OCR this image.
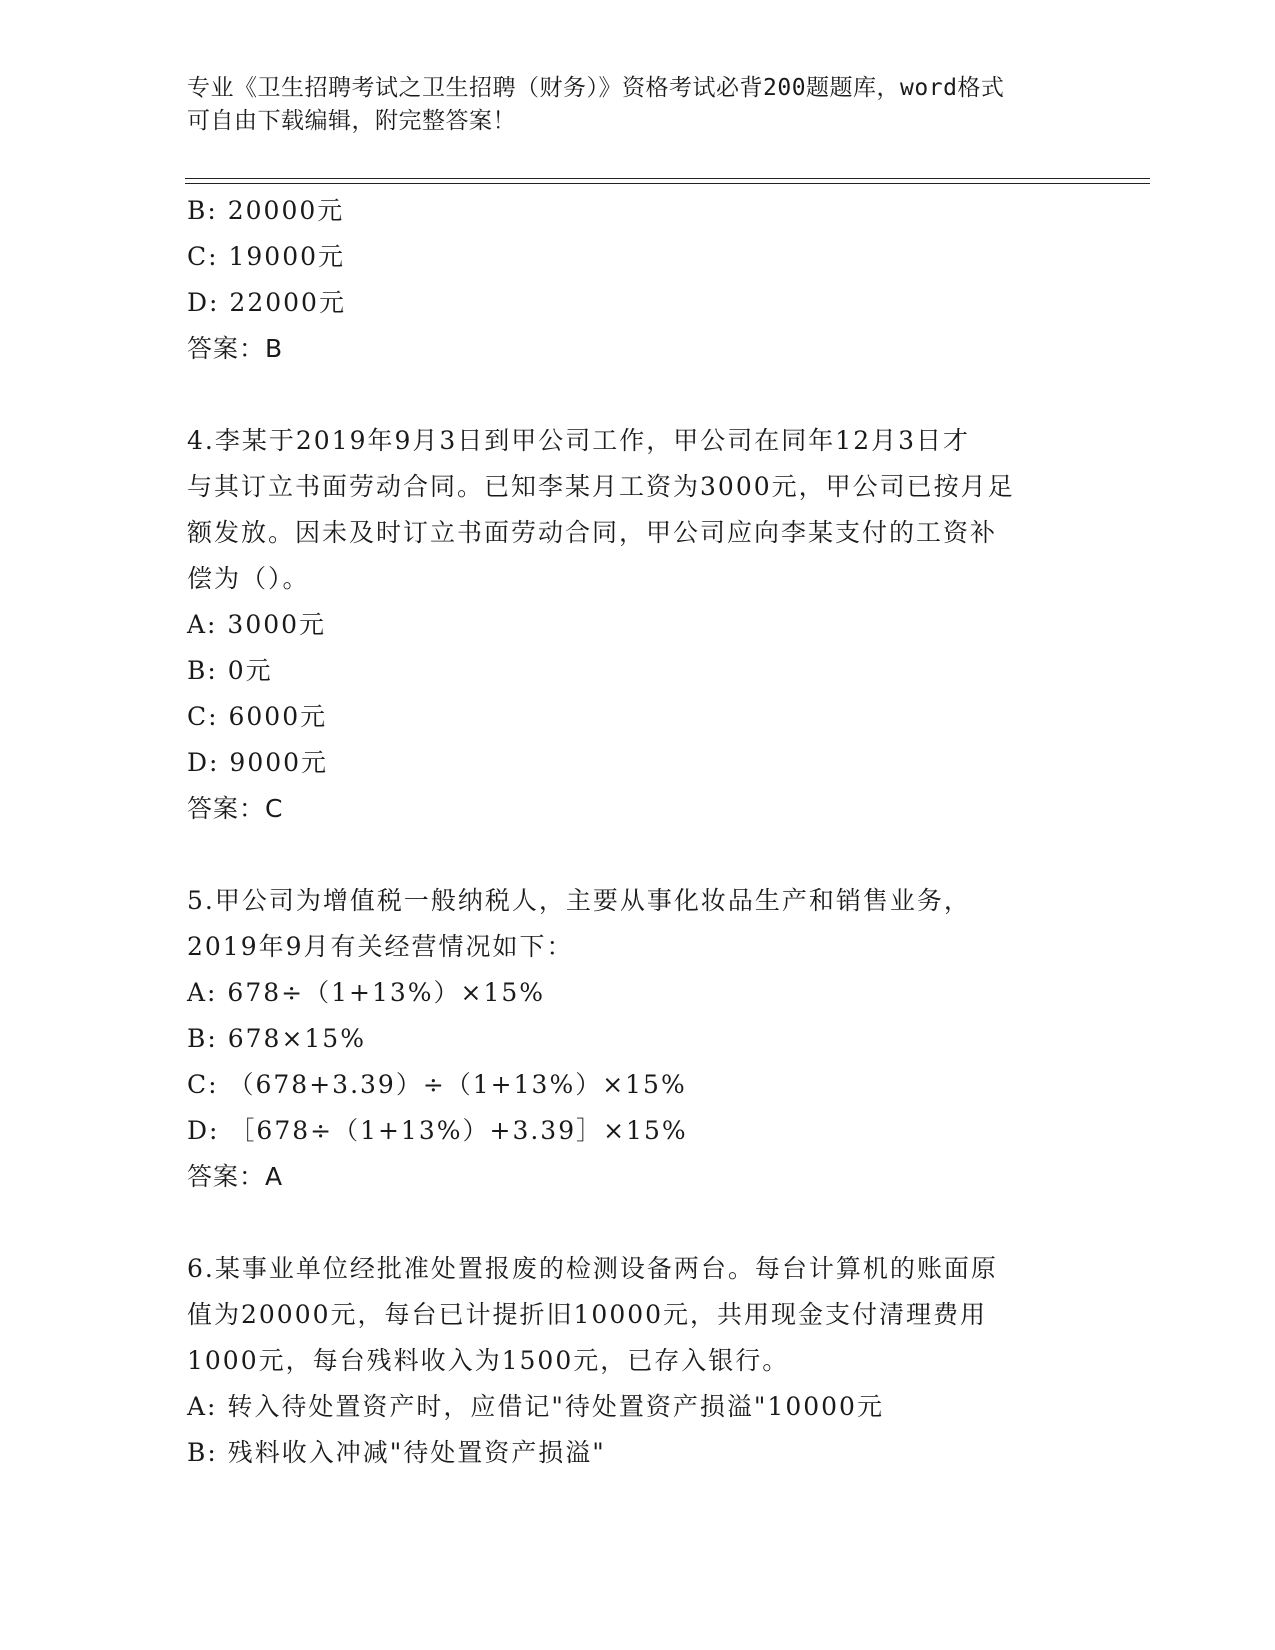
专业《卫生招聘考试之卫生招聘（财务）》资格考试必背200题题库，word格式
可自由下载编辑，附完整答案！
B: 20000元
C: 19000元
D: 22000元
答案：B
4.李某于2019年9月3日到甲公司工作，甲公司在同年12月3日才
与其订立书面劳动合同。已知李某月工资为3000元，甲公司已按月足
额发放。因未及时订立书面劳动合同，甲公司应向李某支付的工资补
偿为（）。
A: 3000元
B: 0元
C: 6000元
D: 9000元
答案：C
5.甲公司为增值税一般纳税人，主要从事化妆品生产和销售业务，
2019年9月有关经营情况如下：
A: 678÷（1+13%）×15%
B: 678×15%
C: （678+3.39）÷（1+13%）×15%
D: ［678÷（1+13%）+3.39］×15%
答案：A
6.某事业单位经批准处置报废的检测设备两台。每台计算机的账面原
值为20000元，每台已计提折旧10000元，共用现金支付清理费用
1000元，每台残料收入为1500元，已存入银行。
A: 转入待处置资产时，应借记"待处置资产损溢"10000元
B: 残料收入冲减"待处置资产损溢"
